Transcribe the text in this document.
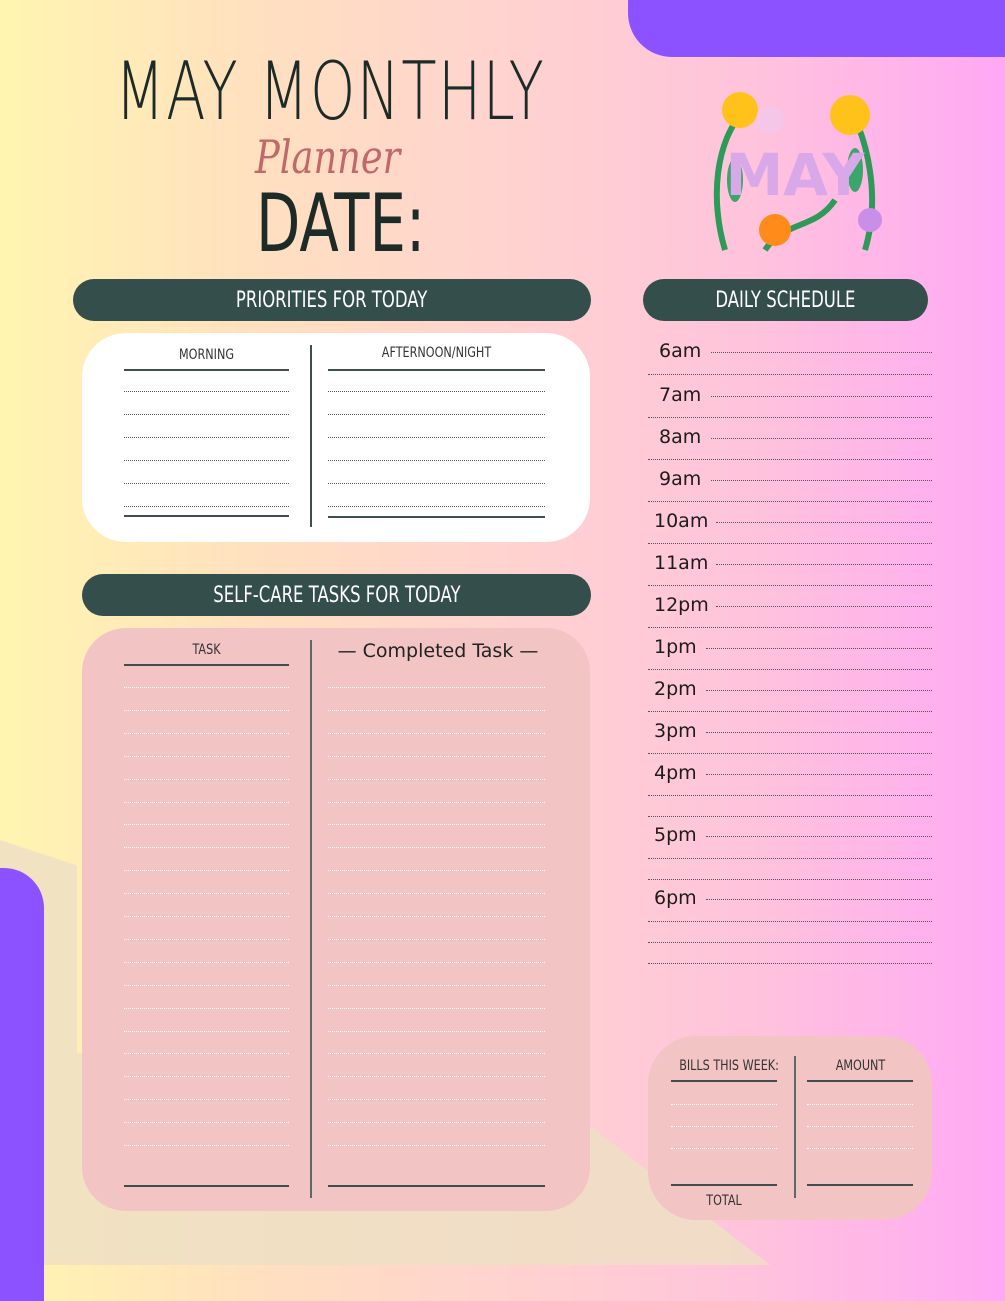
MAY MONTHLY
Planner
DATE:
MAY
PRIORITIES FOR TODAY
MORNING	AFTERNOON/NIGHT
SELF-CARE TASKS FOR TODAY
TASK	— Completed Task —
DAILY SCHEDULE
6am
7am
8am
9am
10am
11am
12pm
1pm
2pm
3pm
4pm
5pm
6pm
BILLS THIS WEEK:	AMOUNT
TOTAL
